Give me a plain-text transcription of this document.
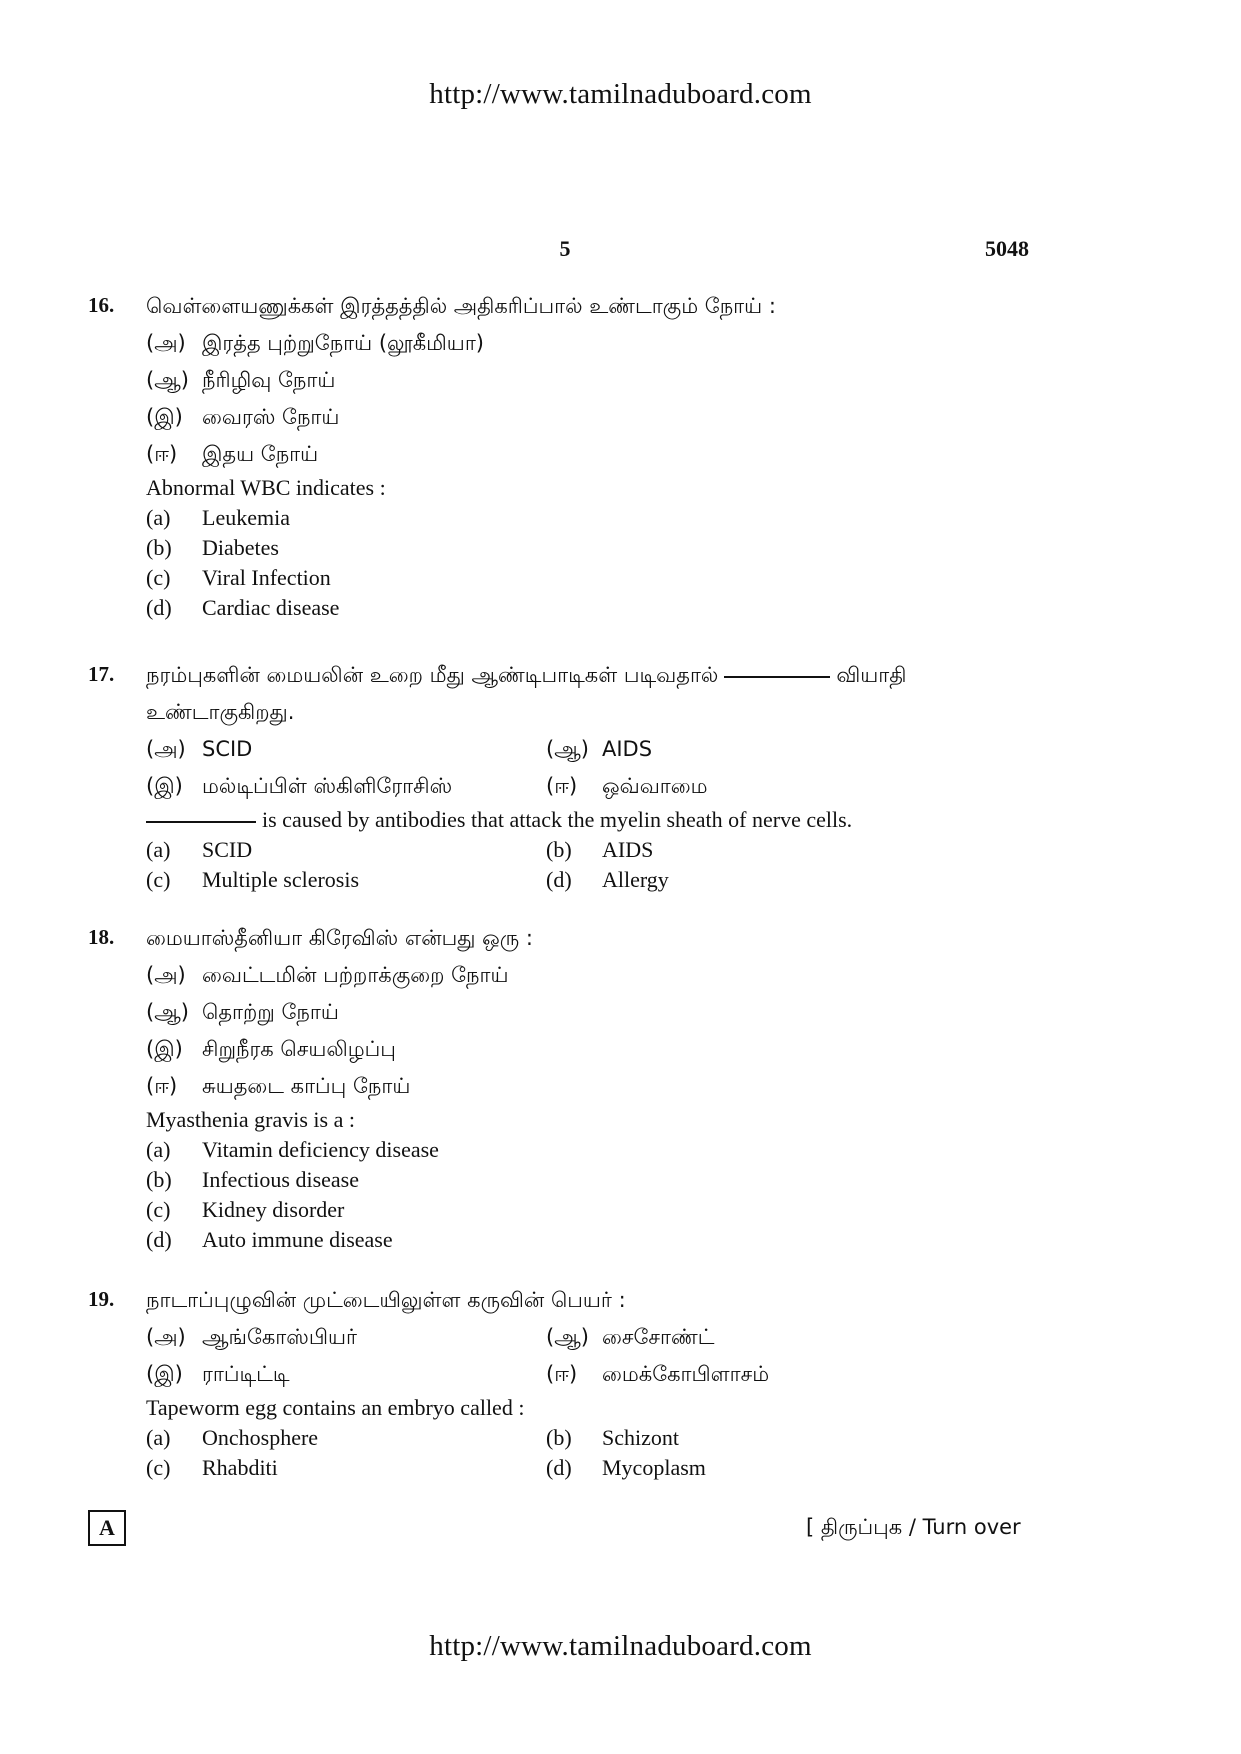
http://www.tamilnaduboard.com
5	5048
16. வெள்ளையணுக்கள் இரத்தத்தில் அதிகரிப்பால் உண்டாகும் நோய் :
(அ) இரத்த புற்றுநோய் (லூகீமியா)
(ஆ) நீரிழிவு நோய்
(இ) வைரஸ் நோய்
(ஈ) இதய நோய்
Abnormal WBC indicates :
(a) Leukemia
(b) Diabetes
(c) Viral Infection
(d) Cardiac disease
17. நரம்புகளின் மையலின் உறை மீது ஆண்டிபாடிகள் படிவதால்	வியாதி
உண்டாகுகிறது.
(அ) SCID	(ஆ) AIDS
(இ) மல்டிப்பிள் ஸ்கிளிரோசிஸ்	(ஈ) ஒவ்வாமை
is caused by antibodies that attack the myelin sheath of nerve cells.
(a) SCID	(b) AIDS
(c) Multiple sclerosis	(d) Allergy
18. மையாஸ்தீனியா கிரேவிஸ் என்பது ஒரு :
(அ) வைட்டமின் பற்றாக்குறை நோய்
(ஆ) தொற்று நோய்
(இ) சிறுநீரக செயலிழப்பு
(ஈ) சுயதடை காப்பு நோய்
Myasthenia gravis is a :
(a) Vitamin deficiency disease
(b) Infectious disease
(c) Kidney disorder
(d) Auto immune disease
19. நாடாப்புழுவின் முட்டையிலுள்ள கருவின் பெயர் :
(அ) ஆங்கோஸ்பியர்	(ஆ) சைசோண்ட்
(இ) ராப்டிட்டி	(ஈ) மைக்கோபிளாசம்
Tapeworm egg contains an embryo called :
(a) Onchosphere	(b) Schizont
(c) Rhabditi	(d) Mycoplasm
A	[ திருப்புக / Turn over
http://www.tamilnaduboard.com
